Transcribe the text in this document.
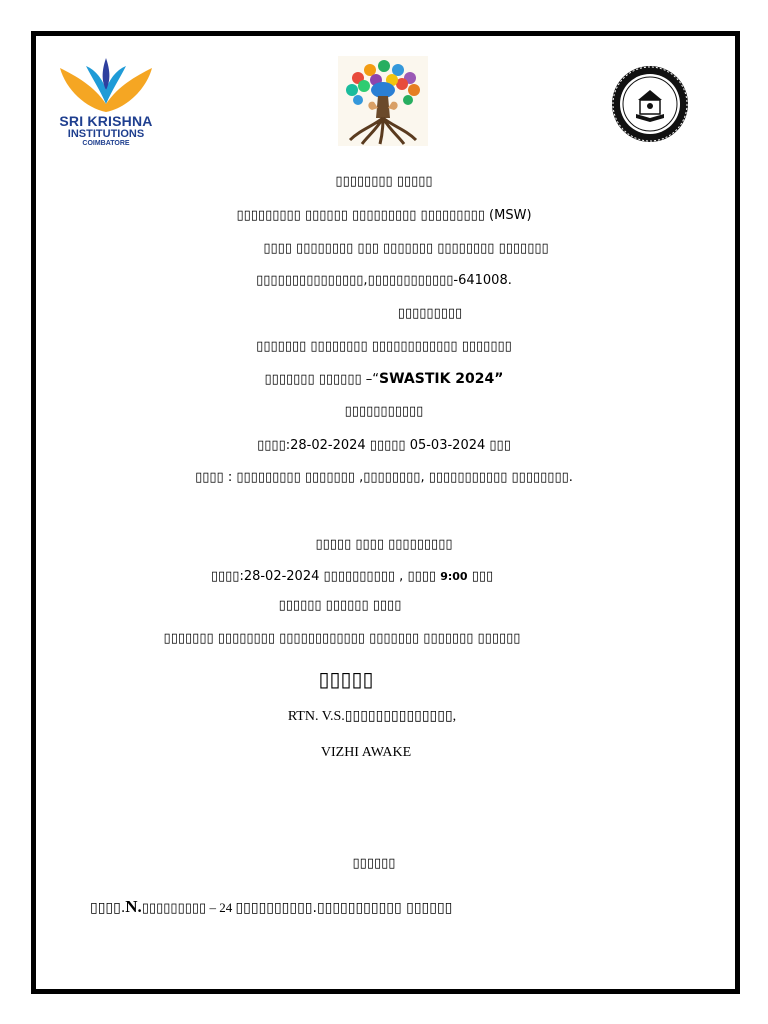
SRI KRISHNA
INSTITUTIONS
COIMBATORE
▯▯▯▯▯▯▯▯ ▯▯▯▯▯
▯▯▯▯▯▯▯▯▯ ▯▯▯▯▯▯ ▯▯▯▯▯▯▯▯▯ ▯▯▯▯▯▯▯▯▯ (MSW)
▯▯▯▯ ▯▯▯▯▯▯▯▯ ▯▯▯ ▯▯▯▯▯▯▯ ▯▯▯▯▯▯▯▯ ▯▯▯▯▯▯▯
▯▯▯▯▯▯▯▯▯▯▯▯▯▯▯,▯▯▯▯▯▯▯▯▯▯▯▯-641008.
▯▯▯▯▯▯▯▯▯
▯▯▯▯▯▯▯ ▯▯▯▯▯▯▯▯ ▯▯▯▯▯▯▯▯▯▯▯▯ ▯▯▯▯▯▯▯
▯▯▯▯▯▯▯ ▯▯▯▯▯▯ –“SWASTIK 2024”
▯▯▯▯▯▯▯▯▯▯▯
▯▯▯▯:28-02-2024 ▯▯▯▯▯ 05-03-2024 ▯▯▯
▯▯▯▯ : ▯▯▯▯▯▯▯▯▯ ▯▯▯▯▯▯▯ ,▯▯▯▯▯▯▯▯, ▯▯▯▯▯▯▯▯▯▯▯ ▯▯▯▯▯▯▯▯.
▯▯▯▯▯ ▯▯▯▯ ▯▯▯▯▯▯▯▯▯
▯▯▯▯:28-02-2024 ▯▯▯▯▯▯▯▯▯▯ , ▯▯▯▯ 9:00 ▯▯▯
▯▯▯▯▯▯ ▯▯▯▯▯▯ ▯▯▯▯
▯▯▯▯▯▯▯ ▯▯▯▯▯▯▯▯ ▯▯▯▯▯▯▯▯▯▯▯▯ ▯▯▯▯▯▯▯ ▯▯▯▯▯▯▯ ▯▯▯▯▯▯
▯▯▯▯▯
RTN. V.S.▯▯▯▯▯▯▯▯▯▯▯▯▯▯,
VIZHI AWAKE
▯▯▯▯▯▯
▯▯▯▯.N.▯▯▯▯▯▯▯▯▯ – 24 ▯▯▯▯▯▯▯▯▯▯.▯▯▯▯▯▯▯▯▯▯▯ ▯▯▯▯▯▯
